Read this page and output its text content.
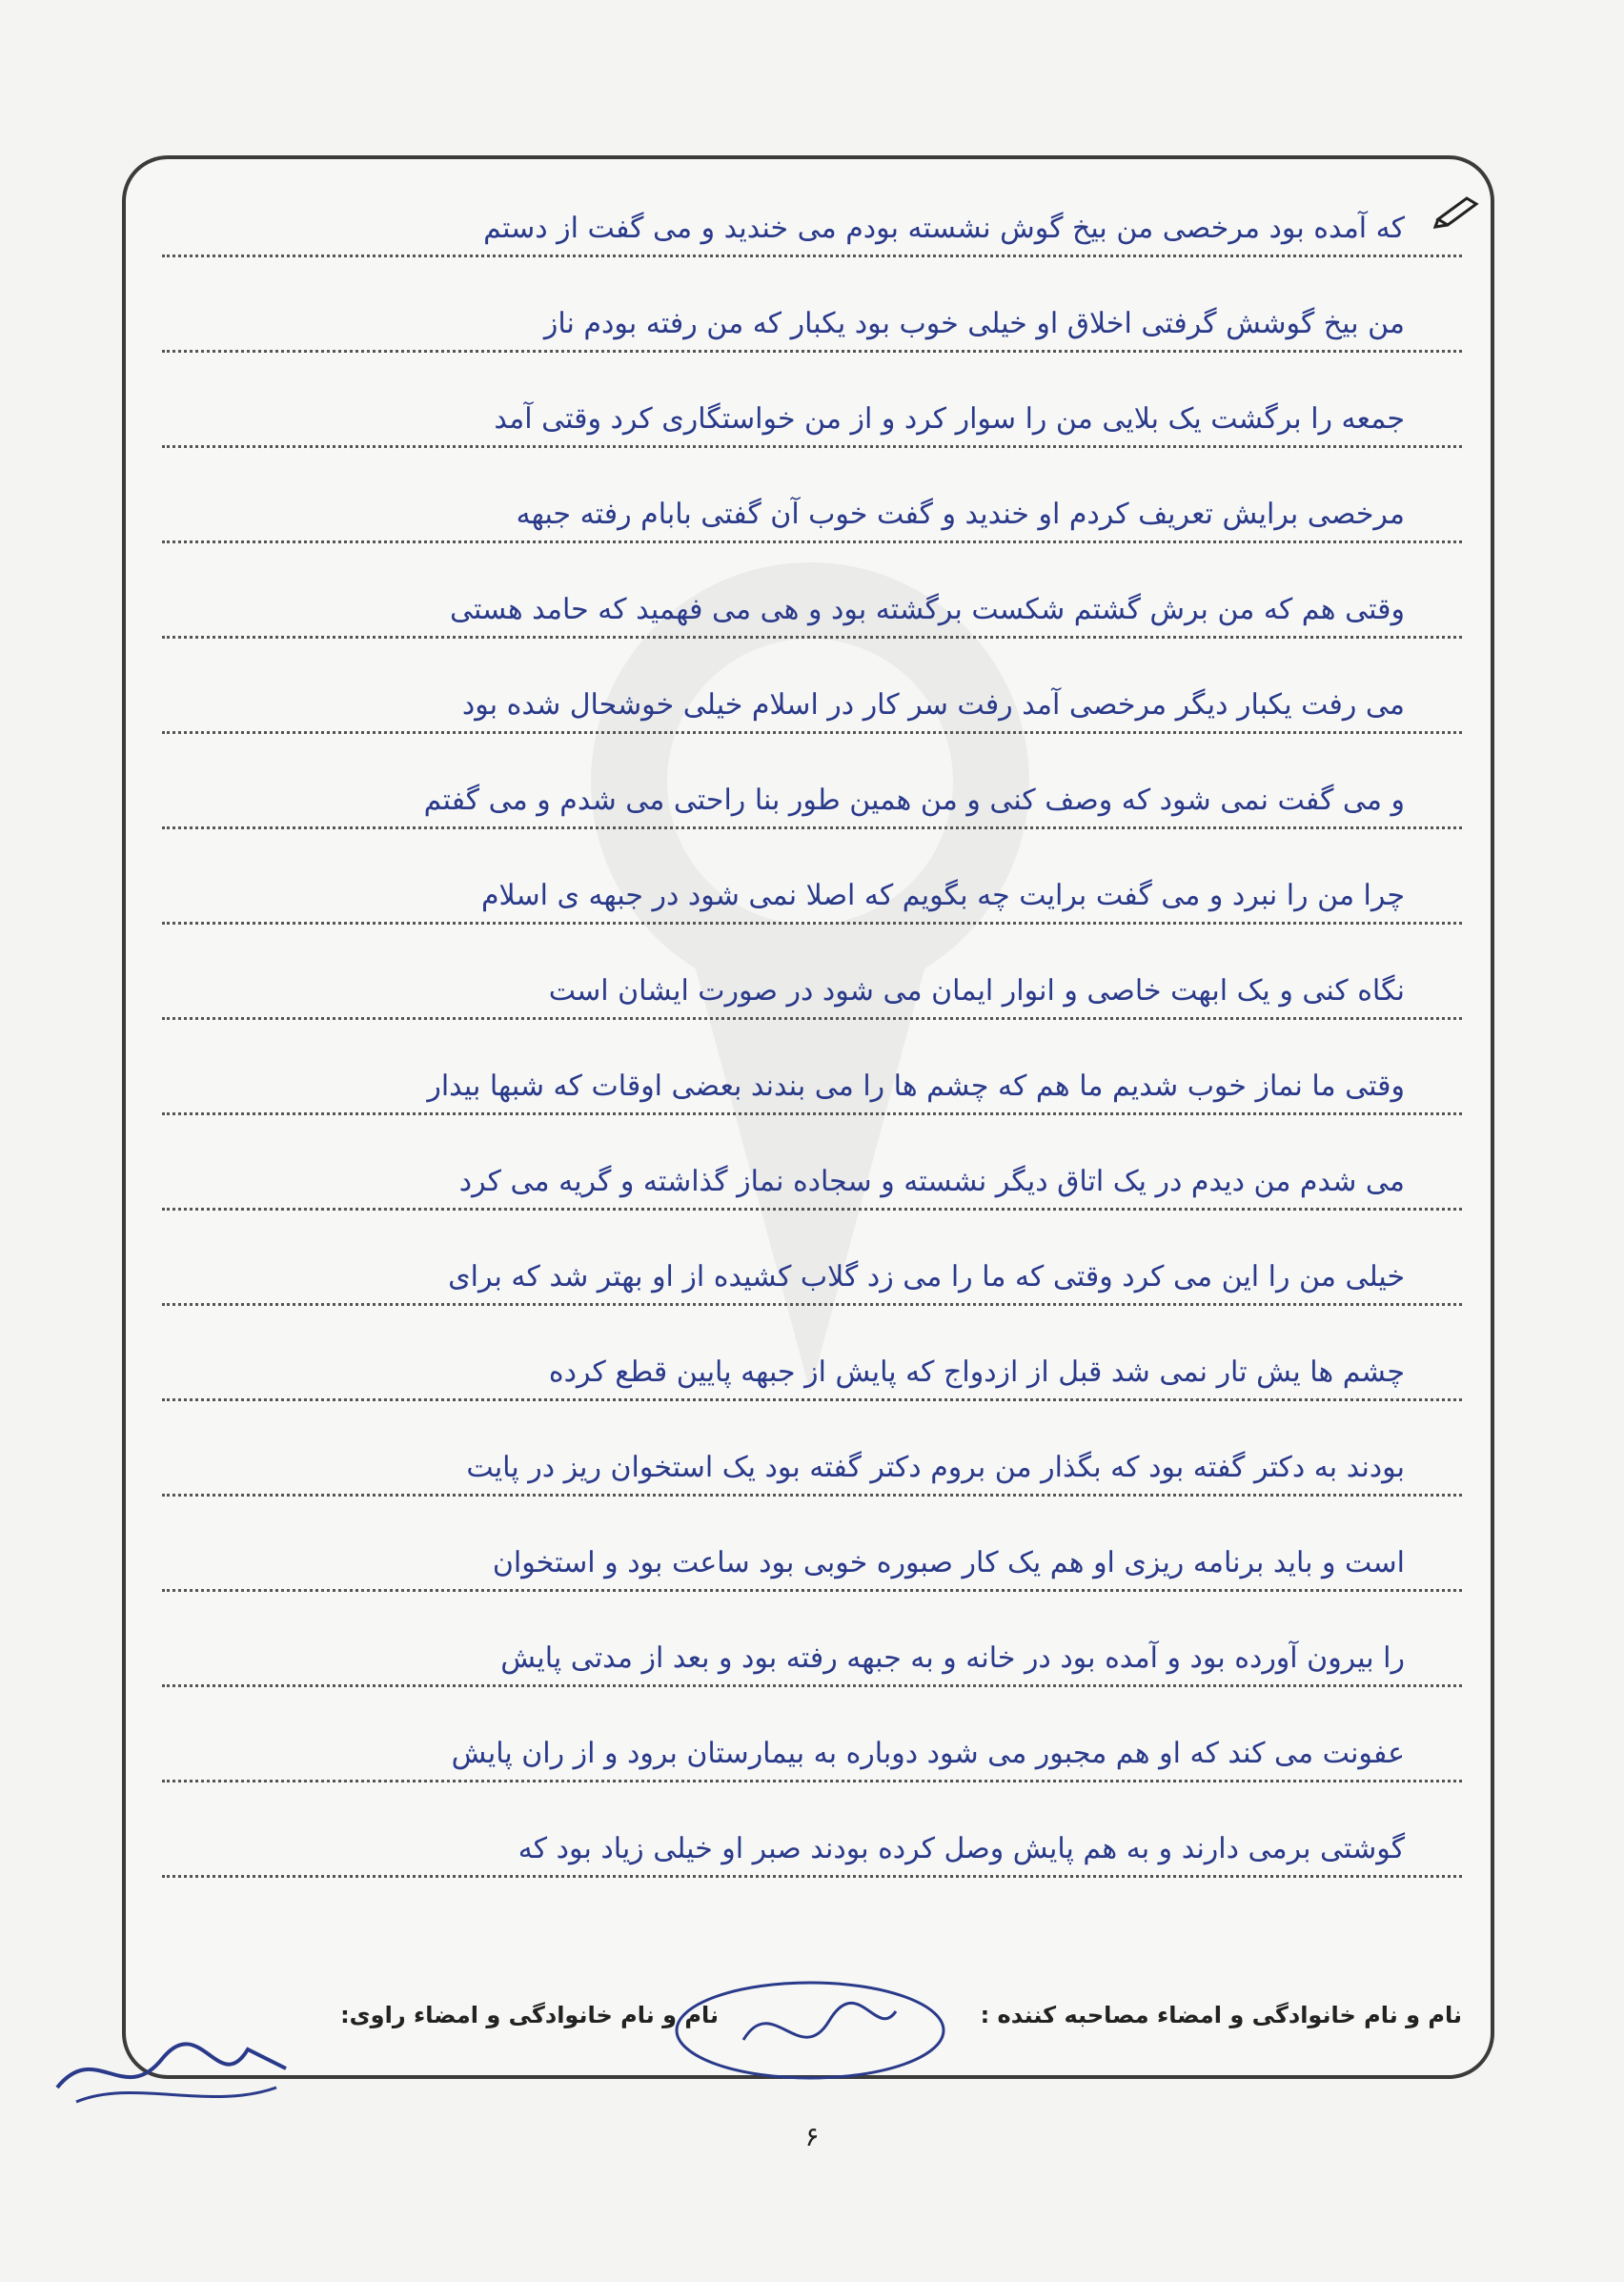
که آمده بود مرخصی من بیخ گوش نشسته بودم می خندید و می گفت از دستم
من بیخ گوشش گرفتی اخلاق او خیلی خوب بود یکبار که من رفته بودم ناز
جمعه را برگشت یک بلایی من را سوار کرد و از من خواستگاری کرد وقتی آمد
مرخصی برایش تعریف کردم او خندید و گفت خوب آن گفتی بابام رفته جبهه
وقتی هم که من برش گشتم شکست برگشته بود و هی می فهمید که حامد هستی
می رفت یکبار دیگر مرخصی آمد رفت سر کار در اسلام خیلی خوشحال شده بود
و می گفت نمی شود که وصف کنی و من همین طور بنا راحتی می شدم و می گفتم
چرا من را نبرد و می گفت برایت چه بگویم که اصلا نمی شود در جبهه ی اسلام
نگاه کنی و یک ابهت خاصی و انوار ایمان می شود در صورت ایشان است
وقتی ما نماز خوب شدیم ما هم که چشم ها را می بندند بعضی اوقات که شبها بیدار
می شدم من دیدم در یک اتاق دیگر نشسته و سجاده نماز گذاشته و گریه می کرد
خیلی من را این می کرد وقتی که ما را می زد گلاب کشیده از او بهتر شد که برای
چشم ها یش تار نمی شد قبل از ازدواج که پایش از جبهه پایین قطع کرده
بودند به دکتر گفته بود که بگذار من بروم دکتر گفته بود یک استخوان ریز در پایت
است و باید برنامه ریزی او هم یک کار صبوره خوبی بود ساعت بود و استخوان
را بیرون آورده بود و آمده بود در خانه و به جبهه رفته بود و بعد از مدتی پایش
عفونت می کند که او هم مجبور می شود دوباره به بیمارستان برود و از ران پایش
گوشتی برمی دارند و به هم پایش وصل کرده بودند صبر او خیلی زیاد بود که
نام و نام خانوادگی و امضاء مصاحبه کننده :
نام و نام خانوادگی و امضاء راوی:
۶
